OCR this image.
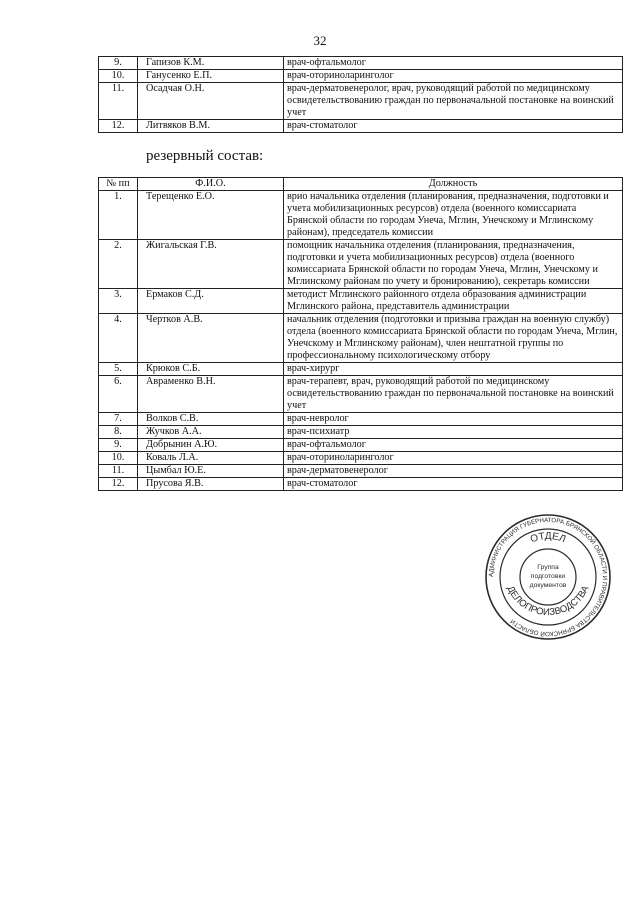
32
9.	Гапизов К.М.	врач-офтальмолог
10.	Ганусенко Е.П.	врач-оториноларинголог
11.	Осадчая О.Н.	врач-дерматовенеролог, врач, руководящий работой по медицинскому освидетельствованию граждан по первоначальной постановке на воинский учет
12.	Литвяков В.М.	врач-стоматолог
резервный состав:
№ пп	Ф.И.О.	Должность
1.	Терещенко Е.О.	врио начальника отделения (планирования, предназначения, подготовки и учета мобилизационных ресурсов) отдела (военного комиссариата Брянской области по городам Унеча, Мглин, Унечскому и Мглинскому районам), председатель комиссии
2.	Жигальская Г.В.	помощник начальника отделения (планирования, предназначения, подготовки и учета мобилизационных ресурсов) отдела (военного комиссариата Брянской области по городам Унеча, Мглин, Унечскому и Мглинскому районам по учету и бронированию), секретарь комиссии
3.	Ермаков С.Д.	методист Мглинского районного отдела образования администрации Мглинского района, представитель администрации
4.	Чертков А.В.	начальник отделения (подготовки и призыва граждан на военную службу) отдела (военного комиссариата Брянской области по городам Унеча, Мглин, Унечскому и Мглинскому районам), член нештатной группы по профессиональному психологическому отбору
5.	Крюков С.Б.	врач-хирург
6.	Авраменко В.Н.	врач-терапевт, врач, руководящий работой по медицинскому освидетельствованию граждан по первоначальной постановке на воинский учет
7.	Волков С.В.	врач-невролог
8.	Жучков А.А.	врач-психиатр
9.	Добрынин А.Ю.	врач-офтальмолог
10.	Коваль Л.А.	врач-оториноларинголог
11.	Цымбал Ю.Е.	врач-дерматовенеролог
12.	Прусова Я.В.	врач-стоматолог
АДМИНИСТРАЦИЯ ГУБЕРНАТОРА БРЯНСКОЙ ОБЛАСТИ И ПРАВИТЕЛЬСТВА БРЯНСКОЙ ОБЛАСТИ
ОТДЕЛ
ДЕЛОПРОИЗВОДСТВА
Группа подготовки документов
